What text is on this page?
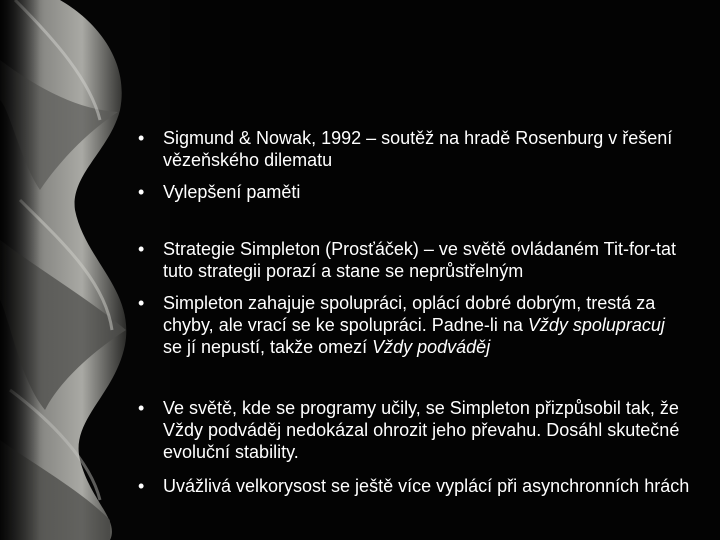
• Sigmund & Nowak, 1992 – soutěž na hradě Rosenburg v řešení
vězeňského dilematu
• Vylepšení paměti
• Strategie Simpleton (Prosťáček) – ve světě ovládaném Tit-for-tat
tuto strategii porazí a stane se neprůstřelným
• Simpleton zahajuje spolupráci, oplácí dobré dobrým, trestá za
chyby, ale vrací se ke spolupráci. Padne-li na Vždy spolupracuj
se jí nepustí, takže omezí Vždy podváděj
• Ve světě, kde se programy učily, se Simpleton přizpůsobil tak, že
Vždy podváděj nedokázal ohrozit jeho převahu. Dosáhl skutečné
evoluční stability.
• Uvážlivá velkorysost se ještě více vyplácí při asynchronních hrách
